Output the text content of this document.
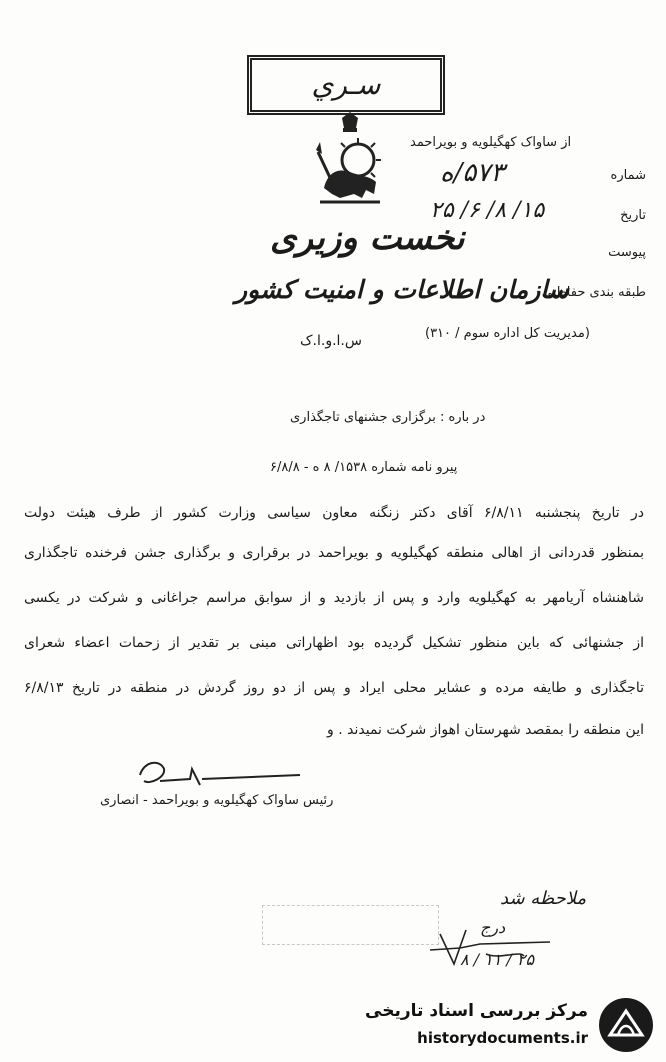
سـري
نخست وزیری
سازمان اطلاعات و امنیت کشور
س.ا.و.ا.ک
از ساواک کهگیلویه و بویراحمد
شماره
۵۷۳/ه
تاریخ
۱۵/ ۸/ ۶/ ۲۵
پیوست
طبقه بندی حفاظتی
(مدیریت کل اداره سوم / ۳۱۰)
در باره : برگزاری جشنهای تاجگذاری
پیرو نامه شماره ۱۵۳۸/ ۸ ه - ۶/۸/۸
در تاریخ پنجشنبه ۶/۸/۱۱ آقای دکتر زنگنه معاون سیاسی وزارت کشور از طرف هیئت دولت
بمنظور قدردانی از اهالی منطقه کهگیلویه و بویراحمد در برقراری و برگذاری جشن فرخنده تاجگذاری
شاهنشاه آریامهر به کهگیلویه وارد و پس از بازدید و از سوابق مراسم جراغانی و شرکت در یکسی
از جشنهائی که باین منظور تشکیل گردیده بود اظهاراتی مبنی بر تقدیر از زحمات اعضاء شعرای
تاجگذاری و طایفه مرده و عشایر محلی ایراد و پس از دو روز گردش در منطقه در تاریخ ۶/۸/۱۳
این منطقه را بمقصد شهرستان اهواز شرکت نمیدند . و
رئیس ساواک کهگیلویه و بویراحمد - انصاری
ملاحظه شد
درج
۲۵ / ۱۱ / ۸
مرکز بررسی اسناد تاریخی
historydocuments.ir
